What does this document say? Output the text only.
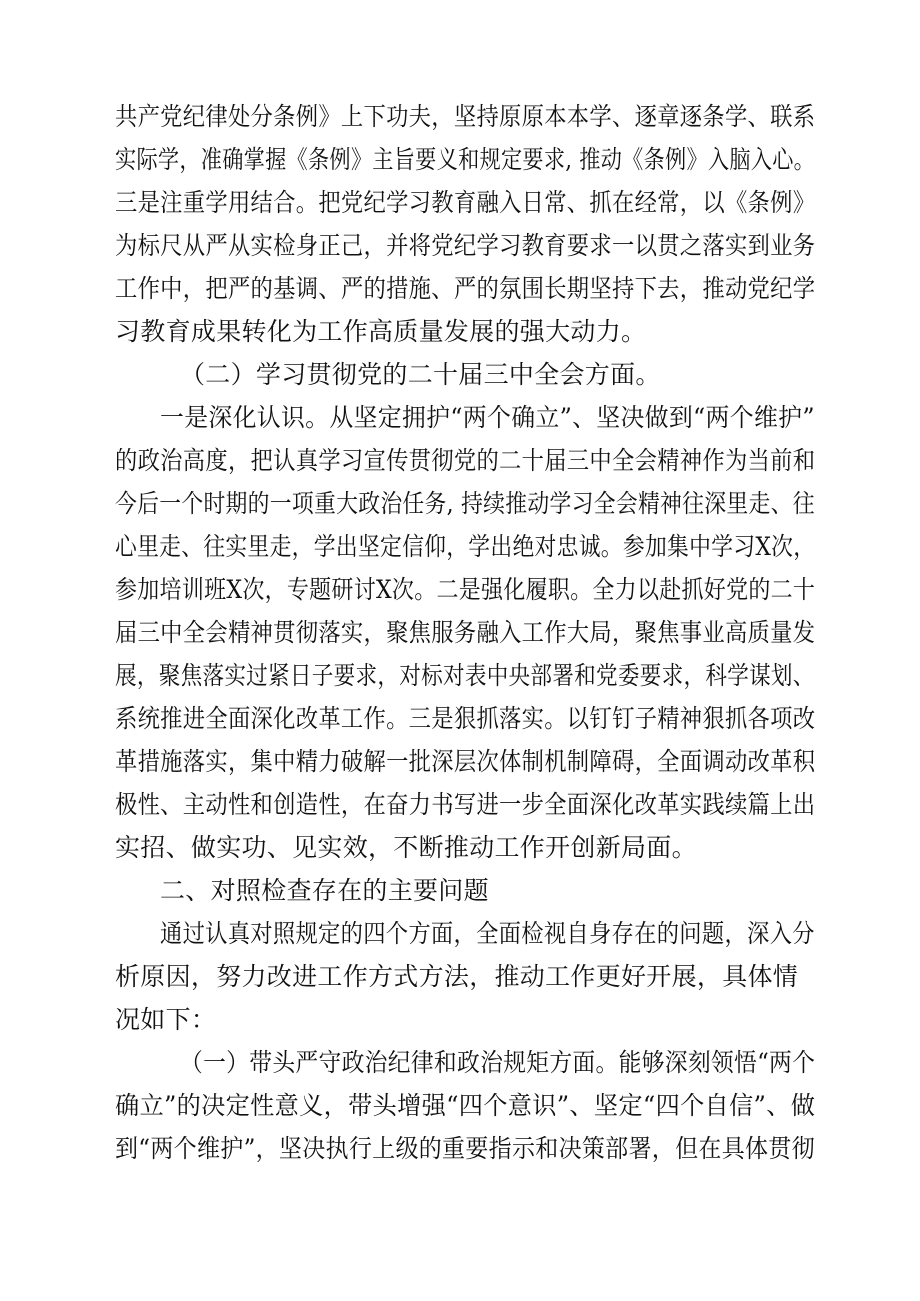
共产党纪律处分条例》上下功夫，坚持原原本本学、逐章逐条学、联系
实际学，准确掌握《条例》主旨要义和规定要求, 推动《条例》入脑入心。
三是注重学用结合。把党纪学习教育融入日常、抓在经常，以《条例》
为标尺从严从实检身正己，并将党纪学习教育要求一以贯之落实到业务
工作中，把严的基调、严的措施、严的氛围长期坚持下去，推动党纪学
习教育成果转化为工作高质量发展的强大动力。
（二）学习贯彻党的二十届三中全会方面。
一是深化认识。从坚定拥护“两个确立”、坚决做到“两个维护”
的政治高度，把认真学习宣传贯彻党的二十届三中全会精神作为当前和
今后一个时期的一项重大政治任务, 持续推动学习全会精神往深里走、往
心里走、往实里走，学出坚定信仰，学出绝对忠诚。参加集中学习X次，
参加培训班X次，专题研讨X次。二是强化履职。全力以赴抓好党的二十
届三中全会精神贯彻落实，聚焦服务融入工作大局，聚焦事业高质量发
展，聚焦落实过紧日子要求，对标对表中央部署和党委要求，科学谋划、
系统推进全面深化改革工作。三是狠抓落实。以钉钉子精神狠抓各项改
革措施落实，集中精力破解一批深层次体制机制障碍，全面调动改革积
极性、主动性和创造性，在奋力书写进一步全面深化改革实践续篇上出
实招、做实功、见实效，不断推动工作开创新局面。
二、对照检查存在的主要问题
通过认真对照规定的四个方面，全面检视自身存在的问题，深入分
析原因，努力改进工作方式方法，推动工作更好开展，具体情
况如下：
（一）带头严守政治纪律和政治规矩方面。能够深刻领悟“两个
确立”的决定性意义，带头增强“四个意识”、坚定“四个自信”、做
到“两个维护”，坚决执行上级的重要指示和决策部署，但在具体贯彻
